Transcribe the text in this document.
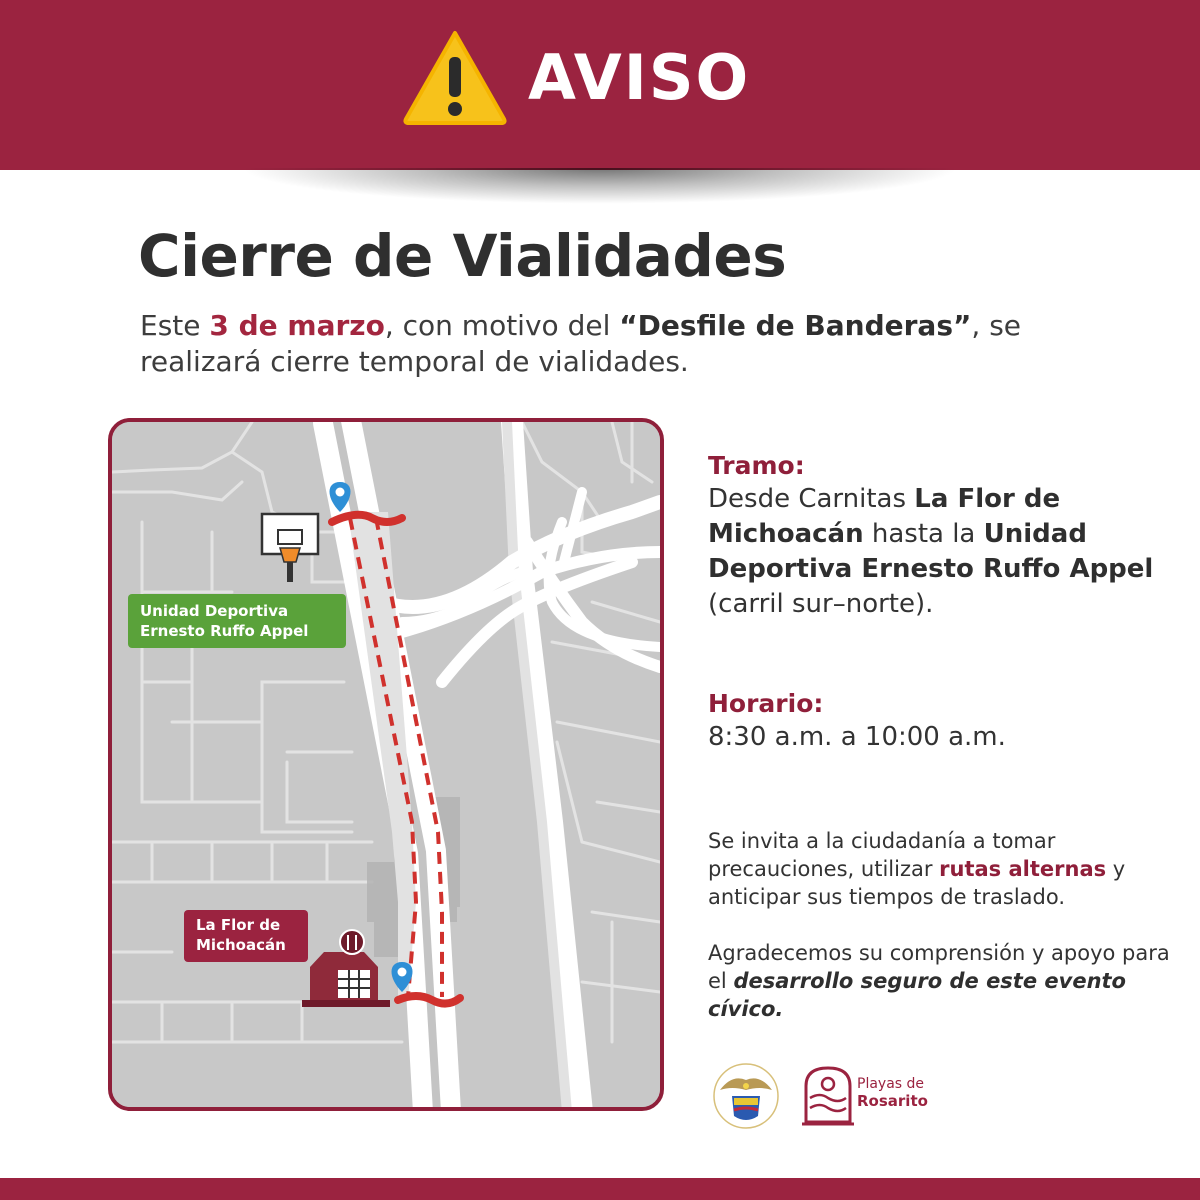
AVISO
Cierre de Vialidades
Este 3 de marzo, con motivo del “Desfile de Banderas”, se realizará cierre temporal de vialidades.
Unidad Deportiva Ernesto Ruffo Appel
La Flor de Michoacán
Tramo:
Desde Carnitas La Flor de Michoacán hasta la Unidad Deportiva Ernesto Ruffo Appel
(carril sur–norte).
Horario:
8:30 a.m. a 10:00 a.m.
Se invita a la ciudadanía a tomar precauciones, utilizar rutas alternas y anticipar sus tiempos de traslado.
Agradecemos su comprensión y apoyo para el desarrollo seguro de este evento cívico.
Playas de
Rosarito
